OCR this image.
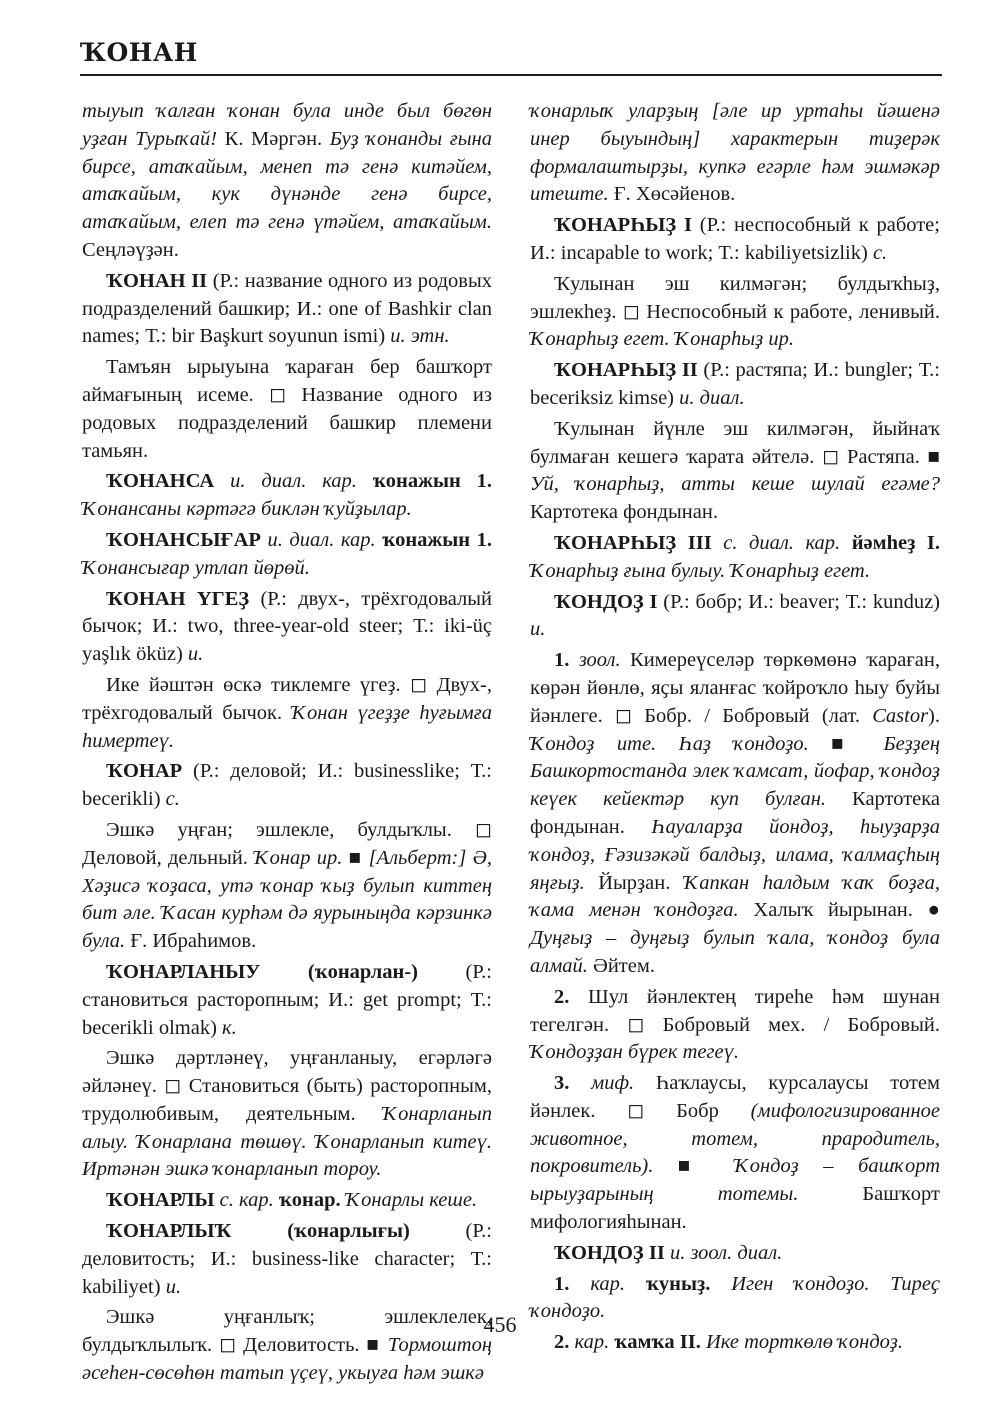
ҠОНАН

тыуып ҡалған ҡонан була инде был бөгөн уҙған Турыҡай! К. Мәргән. Буҙ ҡонанды ғына бирсе, атаҡайым, менеп тә генә китәйем, атаҡайым, кук дүнәнде генә бирсе, атаҡайым, елеп тә генә үтәйем, атаҡайым. Сеңләүҙән.

ҠОНАН II (Р.: название одного из родовых подразделений башкир; И.: one of Bashkir clan names; Т.: bir Başkurt soyunun ismi) и. этн.

Тамъян ырыуына ҡараған бер башҡорт аймағының исеме. ◻ Название одного из родовых подразделений башкир племени тамьян.

ҠОНАНСА и. диал. кар. ҡонажын 1. Ҡонансаны кәртәгә биклән ҡуйҙылар.

ҠОНАНСЫҒАР и. диал. кар. ҡонажын 1. Ҡонансығар утлап йөрөй.

ҠОНАН ҮГЕҘ (Р.: двух-, трёхгодовалый бычок; И.: two, three-year-old steer; Т.: iki-üç yaşlık öküz) и.

Ике йәштән өскә тиклемге үгеҙ. ◻ Двух-, трёхгодовалый бычок. Ҡонан үгеҙҙе һуғымға һимертеү.

ҠОНАР (Р.: деловой; И.: businesslike; Т.: becerikli) с.

Эшкә уңған; эшлекле, булдыҡлы. ◻ Деловой, дельный. Ҡонар ир. ■ [Альберт:] Ә, Хәҙисә ҡоҙаса, утә ҡонар ҡыҙ булып киттең бит әле. Ҡасан курһәм дә яурыныңда кәрзинкә була. Ғ. Ибраһимов.

ҠОНАРЛАНЫУ (ҡонарлан-) (Р.: становиться расторопным; И.: get prompt; Т.: becerikli olmak) к.

Эшкә дәртләнеү, уңғанланыу, егәрләгә әйләнеү. ◻ Становиться (быть) расторопным, трудолюбивым, деятельным. Ҡонарланып алыу. Ҡонарлана төшөү. Ҡонарланып китеү. Иртәнән эшкә ҡонарланып тороу.

ҠОНАРЛЫ с. кар. ҡонар. Ҡонарлы кеше.

ҠОНАРЛЫҠ (ҡонарлығы) (Р.: деловитость; И.: business-like character; Т.: kabiliyet) и.

Эшкә уңғанлыҡ; эшлеклелек, булдыҡлылыҡ. ◻ Деловитость. ■ Тормоштоң әсеһен-сөсөһөн татып үҫеү, укыуға һәм эшкә

ҡонарлыҡ уларҙың [әле ир уртаһы йәшенә инер быуындың] характерын тиҙерәк формалаштырҙы, купкә егәрле һәм эшмәкәр итеште. Ғ. Хөсәйенов.

ҠОНАРҺЫҘ I (Р.: неспособный к работе; И.: incapable to work; Т.: kabiliyetsizlik) с.

Ҡулынан эш килмәгән; булдыҡһыҙ, эшлекһеҙ. ◻ Неспособный к работе, ленивый. Ҡонарһыҙ егет. Ҡонарһыҙ ир.

ҠОНАРҺЫҘ II (Р.: растяпа; И.: bungler; Т.: beceriksiz kimse) и. диал.

Ҡулынан йүнле эш килмәгән, йыйнаҡ булмаған кешегә ҡарата әйтелә. ◻ Растяпа. ■ Уй, ҡонарһыҙ, атты кеше шулай егәме? Картотека фондынан.

ҠОНАРҺЫҘ III с. диал. кар. йәмһеҙ I. Ҡонарһыҙ ғына булыу. Ҡонарһыҙ егет.

ҠОНДОҘ I (Р.: бобр; И.: beaver; Т.: kunduz) и.

1. зоол. Кимереүселәр төркөмөнә ҡараған, көрән йөнлө, яҫы яланғас ҡойроҡло һыу буйы йәнлеге. ◻ Бобр. / Бобровый (лат. Castor). Ҡондоҙ ите. Һаҙ ҡондоҙо. ■ Беҙҙең Башкортостанда элек ҡамсат, йофар, ҡондоҙ кеүек кейектәр куп булған. Картотека фондынан. Һауаларҙа йондоҙ, һыуҙарҙа ҡондоҙ, Ғәзизәкәй балдыҙ, илама, ҡалмаҫһың яңғыҙ. Йырҙан. Ҡапкан һалдым ҡаҡ боҙға, ҡама менән ҡондоҙға. Халыҡ йырынан. ● Дуңғыҙ – дуңғыҙ булып ҡала, ҡондоҙ була алмай. Әйтем.

2. Шул йәнлектең тиреһе һәм шунан тегелгән. ◻ Бобровый мех. / Бобровый. Ҡондоҙҙан бүрек тегеү.

3. миф. Һаҡлаусы, курсалаусы тотем йәнлек. ◻ Бобр (мифологизированное животное, тотем, прародитель, покровитель). ■ Ҡондоҙ – башҡорт ырыуҙарының тотемы. Башҡорт мифологияһынан.

ҠОНДОҘ II и. зоол. диал.

1. кар. ҡуныҙ. Иген ҡондоҙо. Тиреҫ ҡондоҙо.

2. кар. ҡамҡа II. Ике торткөлө ҡондоҙ.

456
